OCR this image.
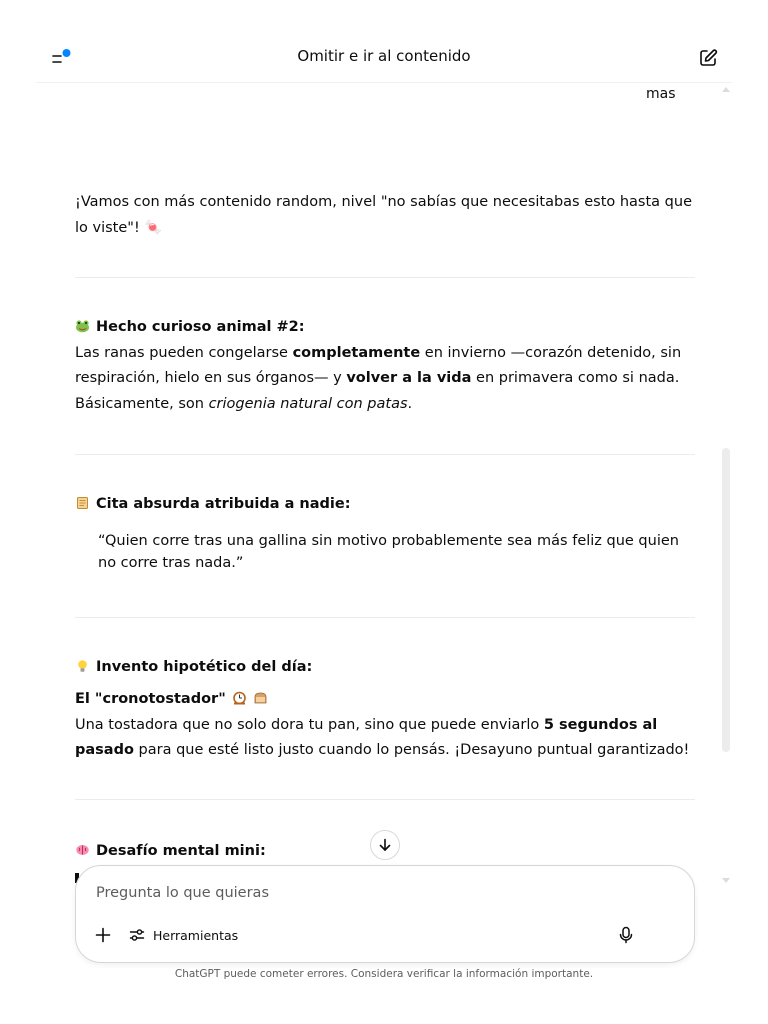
Omitir e ir al contenido
mas

¡Vamos con más contenido random, nivel "no sabías que necesitabas esto hasta que lo viste"! 🍬

Hecho curioso animal #2:

Las ranas pueden congelarse completamente en invierno —corazón detenido, sin respiración, hielo en sus órganos— y volver a la vida en primavera como si nada. Básicamente, son criogenia natural con patas.

Cita absurda atribuida a nadie:

“Quien corre tras una gallina sin motivo probablemente sea más feliz que quien no corre tras nada.”

Invento hipotético del día:
El "cronotostador"

Una tostadora que no solo dora tu pan, sino que puede enviarlo 5 segundos al pasado para que esté listo justo cuando lo pensás. ¡Desayuno puntual garantizado!

Desafío mental mini:
Pregunta lo que quieras
Herramientas
ChatGPT puede cometer errores. Considera verificar la información importante.
